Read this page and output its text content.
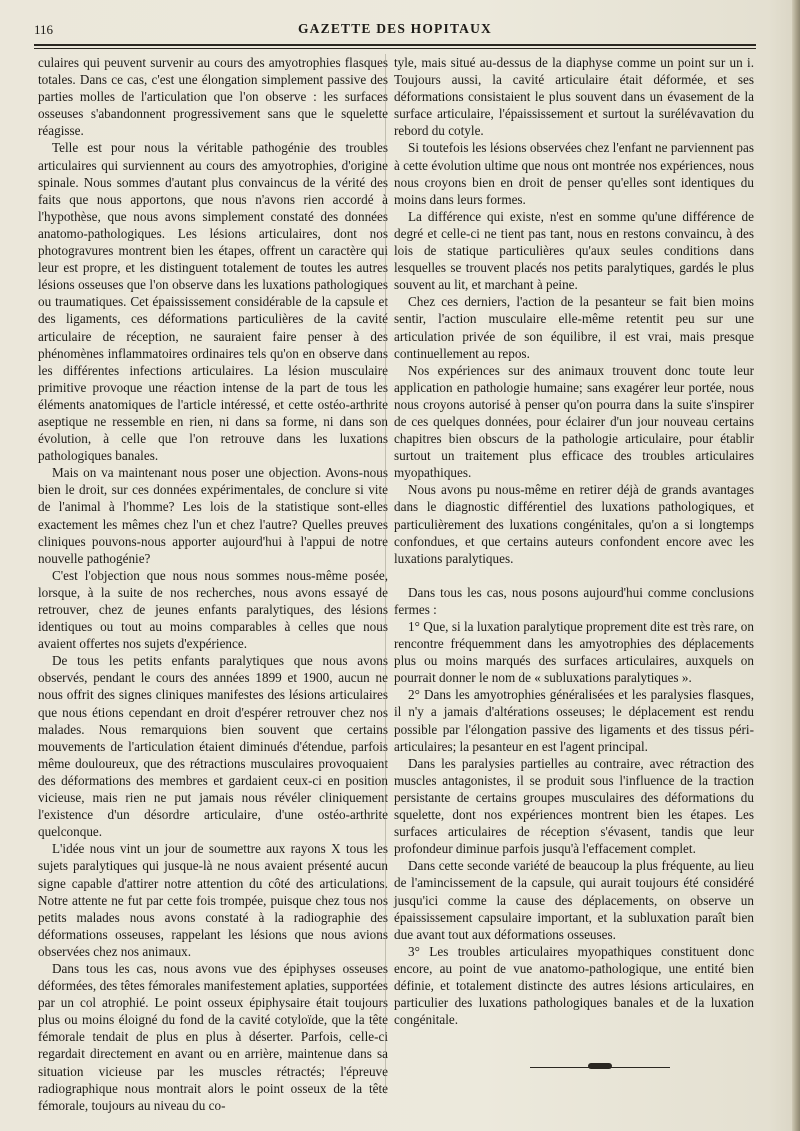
116	GAZETTE DES HOPITAUX

culaires qui peuvent survenir au cours des amyotrophies flasques totales. Dans ce cas, c'est une élongation simplement passive des parties molles de l'articulation que l'on observe : les surfaces osseuses s'abandonnent progressivement sans que le squelette réagisse.

Telle est pour nous la véritable pathogénie des troubles articulaires qui surviennent au cours des amyotrophies, d'origine spinale. Nous sommes d'autant plus convaincus de la vérité des faits que nous apportons, que nous n'avons rien accordé à l'hypothèse, que nous avons simplement constaté des données anatomo-pathologiques. Les lésions articulaires, dont nos photogravures montrent bien les étapes, offrent un caractère qui leur est propre, et les distinguent totalement de toutes les autres lésions osseuses que l'on observe dans les luxations pathologiques ou traumatiques. Cet épaississement considérable de la capsule et des ligaments, ces déformations particulières de la cavité articulaire de réception, ne sauraient faire penser à des phénomènes inflammatoires ordinaires tels qu'on en observe dans les différentes infections articulaires. La lésion musculaire primitive provoque une réaction intense de la part de tous les éléments anatomiques de l'article intéressé, et cette ostéo-arthrite aseptique ne ressemble en rien, ni dans sa forme, ni dans son évolution, à celle que l'on retrouve dans les luxations pathologiques banales.

Mais on va maintenant nous poser une objection. Avons-nous bien le droit, sur ces données expérimentales, de conclure si vite de l'animal à l'homme? Les lois de la statistique sont-elles exactement les mêmes chez l'un et chez l'autre? Quelles preuves cliniques pouvons-nous apporter aujourd'hui à l'appui de notre nouvelle pathogénie?

C'est l'objection que nous nous sommes nous-même posée, lorsque, à la suite de nos recherches, nous avons essayé de retrouver, chez de jeunes enfants paralytiques, des lésions identiques ou tout au moins comparables à celles que nous avaient offertes nos sujets d'expérience.

De tous les petits enfants paralytiques que nous avons observés, pendant le cours des années 1899 et 1900, aucun ne nous offrit des signes cliniques manifestes des lésions articulaires que nous étions cependant en droit d'espérer retrouver chez nos malades. Nous remarquions bien souvent que certains mouvements de l'articulation étaient diminués d'étendue, parfois même douloureux, que des rétractions musculaires provoquaient des déformations des membres et gardaient ceux-ci en position vicieuse, mais rien ne put jamais nous révéler cliniquement l'existence d'un désordre articulaire, d'une ostéo-arthrite quelconque.

L'idée nous vint un jour de soumettre aux rayons X tous les sujets paralytiques qui jusque-là ne nous avaient présenté aucun signe capable d'attirer notre attention du côté des articulations. Notre attente ne fut par cette fois trompée, puisque chez tous nos petits malades nous avons constaté à la radiographie des déformations osseuses, rappelant les lésions que nous avions observées chez nos animaux.

Dans tous les cas, nous avons vue des épiphyses osseuses déformées, des têtes fémorales manifestement aplaties, supportées par un col atrophié. Le point osseux épiphysaire était toujours plus ou moins éloigné du fond de la cavité cotyloïde, que la tête fémorale tendait de plus en plus à déserter. Parfois, celle-ci regardait directement en avant ou en arrière, maintenue dans sa situation vicieuse par les muscles rétractés; l'épreuve radiographique nous montrait alors le point osseux de la tête fémorale, toujours au niveau du co-

tyle, mais situé au-dessus de la diaphyse comme un point sur un i. Toujours aussi, la cavité articulaire était déformée, et ses déformations consistaient le plus souvent dans un évasement de la surface articulaire, l'épaississement et surtout la surélévavation du rebord du cotyle.

Si toutefois les lésions observées chez l'enfant ne parviennent pas à cette évolution ultime que nous ont montrée nos expériences, nous nous croyons bien en droit de penser qu'elles sont identiques du moins dans leurs formes.

La différence qui existe, n'est en somme qu'une différence de degré et celle-ci ne tient pas tant, nous en restons convaincu, à des lois de statique particulières qu'aux seules conditions dans lesquelles se trouvent placés nos petits paralytiques, gardés le plus souvent au lit, et marchant à peine.

Chez ces derniers, l'action de la pesanteur se fait bien moins sentir, l'action musculaire elle-même retentit peu sur une articulation privée de son équilibre, il est vrai, mais presque continuellement au repos.

Nos expériences sur des animaux trouvent donc toute leur application en pathologie humaine; sans exagérer leur portée, nous nous croyons autorisé à penser qu'on pourra dans la suite s'inspirer de ces quelques données, pour éclairer d'un jour nouveau certains chapitres bien obscurs de la pathologie articulaire, pour établir surtout un traitement plus efficace des troubles articulaires myopathiques.

Nous avons pu nous-même en retirer déjà de grands avantages dans le diagnostic différentiel des luxations pathologiques, et particulièrement des luxations congénitales, qu'on a si longtemps confondues, et que certains auteurs confondent encore avec les luxations paralytiques.

Dans tous les cas, nous posons aujourd'hui comme conclusions fermes :

1° Que, si la luxation paralytique proprement dite est très rare, on rencontre fréquemment dans les amyotrophies des déplacements plus ou moins marqués des surfaces articulaires, auxquels on pourrait donner le nom de « subluxations paralytiques ».

2° Dans les amyotrophies généralisées et les paralysies flasques, il n'y a jamais d'altérations osseuses; le déplacement est rendu possible par l'élongation passive des ligaments et des tissus péri-articulaires; la pesanteur en est l'agent principal.

Dans les paralysies partielles au contraire, avec rétraction des muscles antagonistes, il se produit sous l'influence de la traction persistante de certains groupes musculaires des déformations du squelette, dont nos expériences montrent bien les étapes. Les surfaces articulaires de réception s'évasent, tandis que leur profondeur diminue parfois jusqu'à l'effacement complet.

Dans cette seconde variété de beaucoup la plus fréquente, au lieu de l'amincissement de la capsule, qui aurait toujours été considéré jusqu'ici comme la cause des déplacements, on observe un épaississement capsulaire important, et la subluxation paraît bien due avant tout aux déformations osseuses.

3° Les troubles articulaires myopathiques constituent donc encore, au point de vue anatomo-pathologique, une entité bien définie, et totalement distincte des autres lésions articulaires, en particulier des luxations pathologiques banales et de la luxation congénitale.
